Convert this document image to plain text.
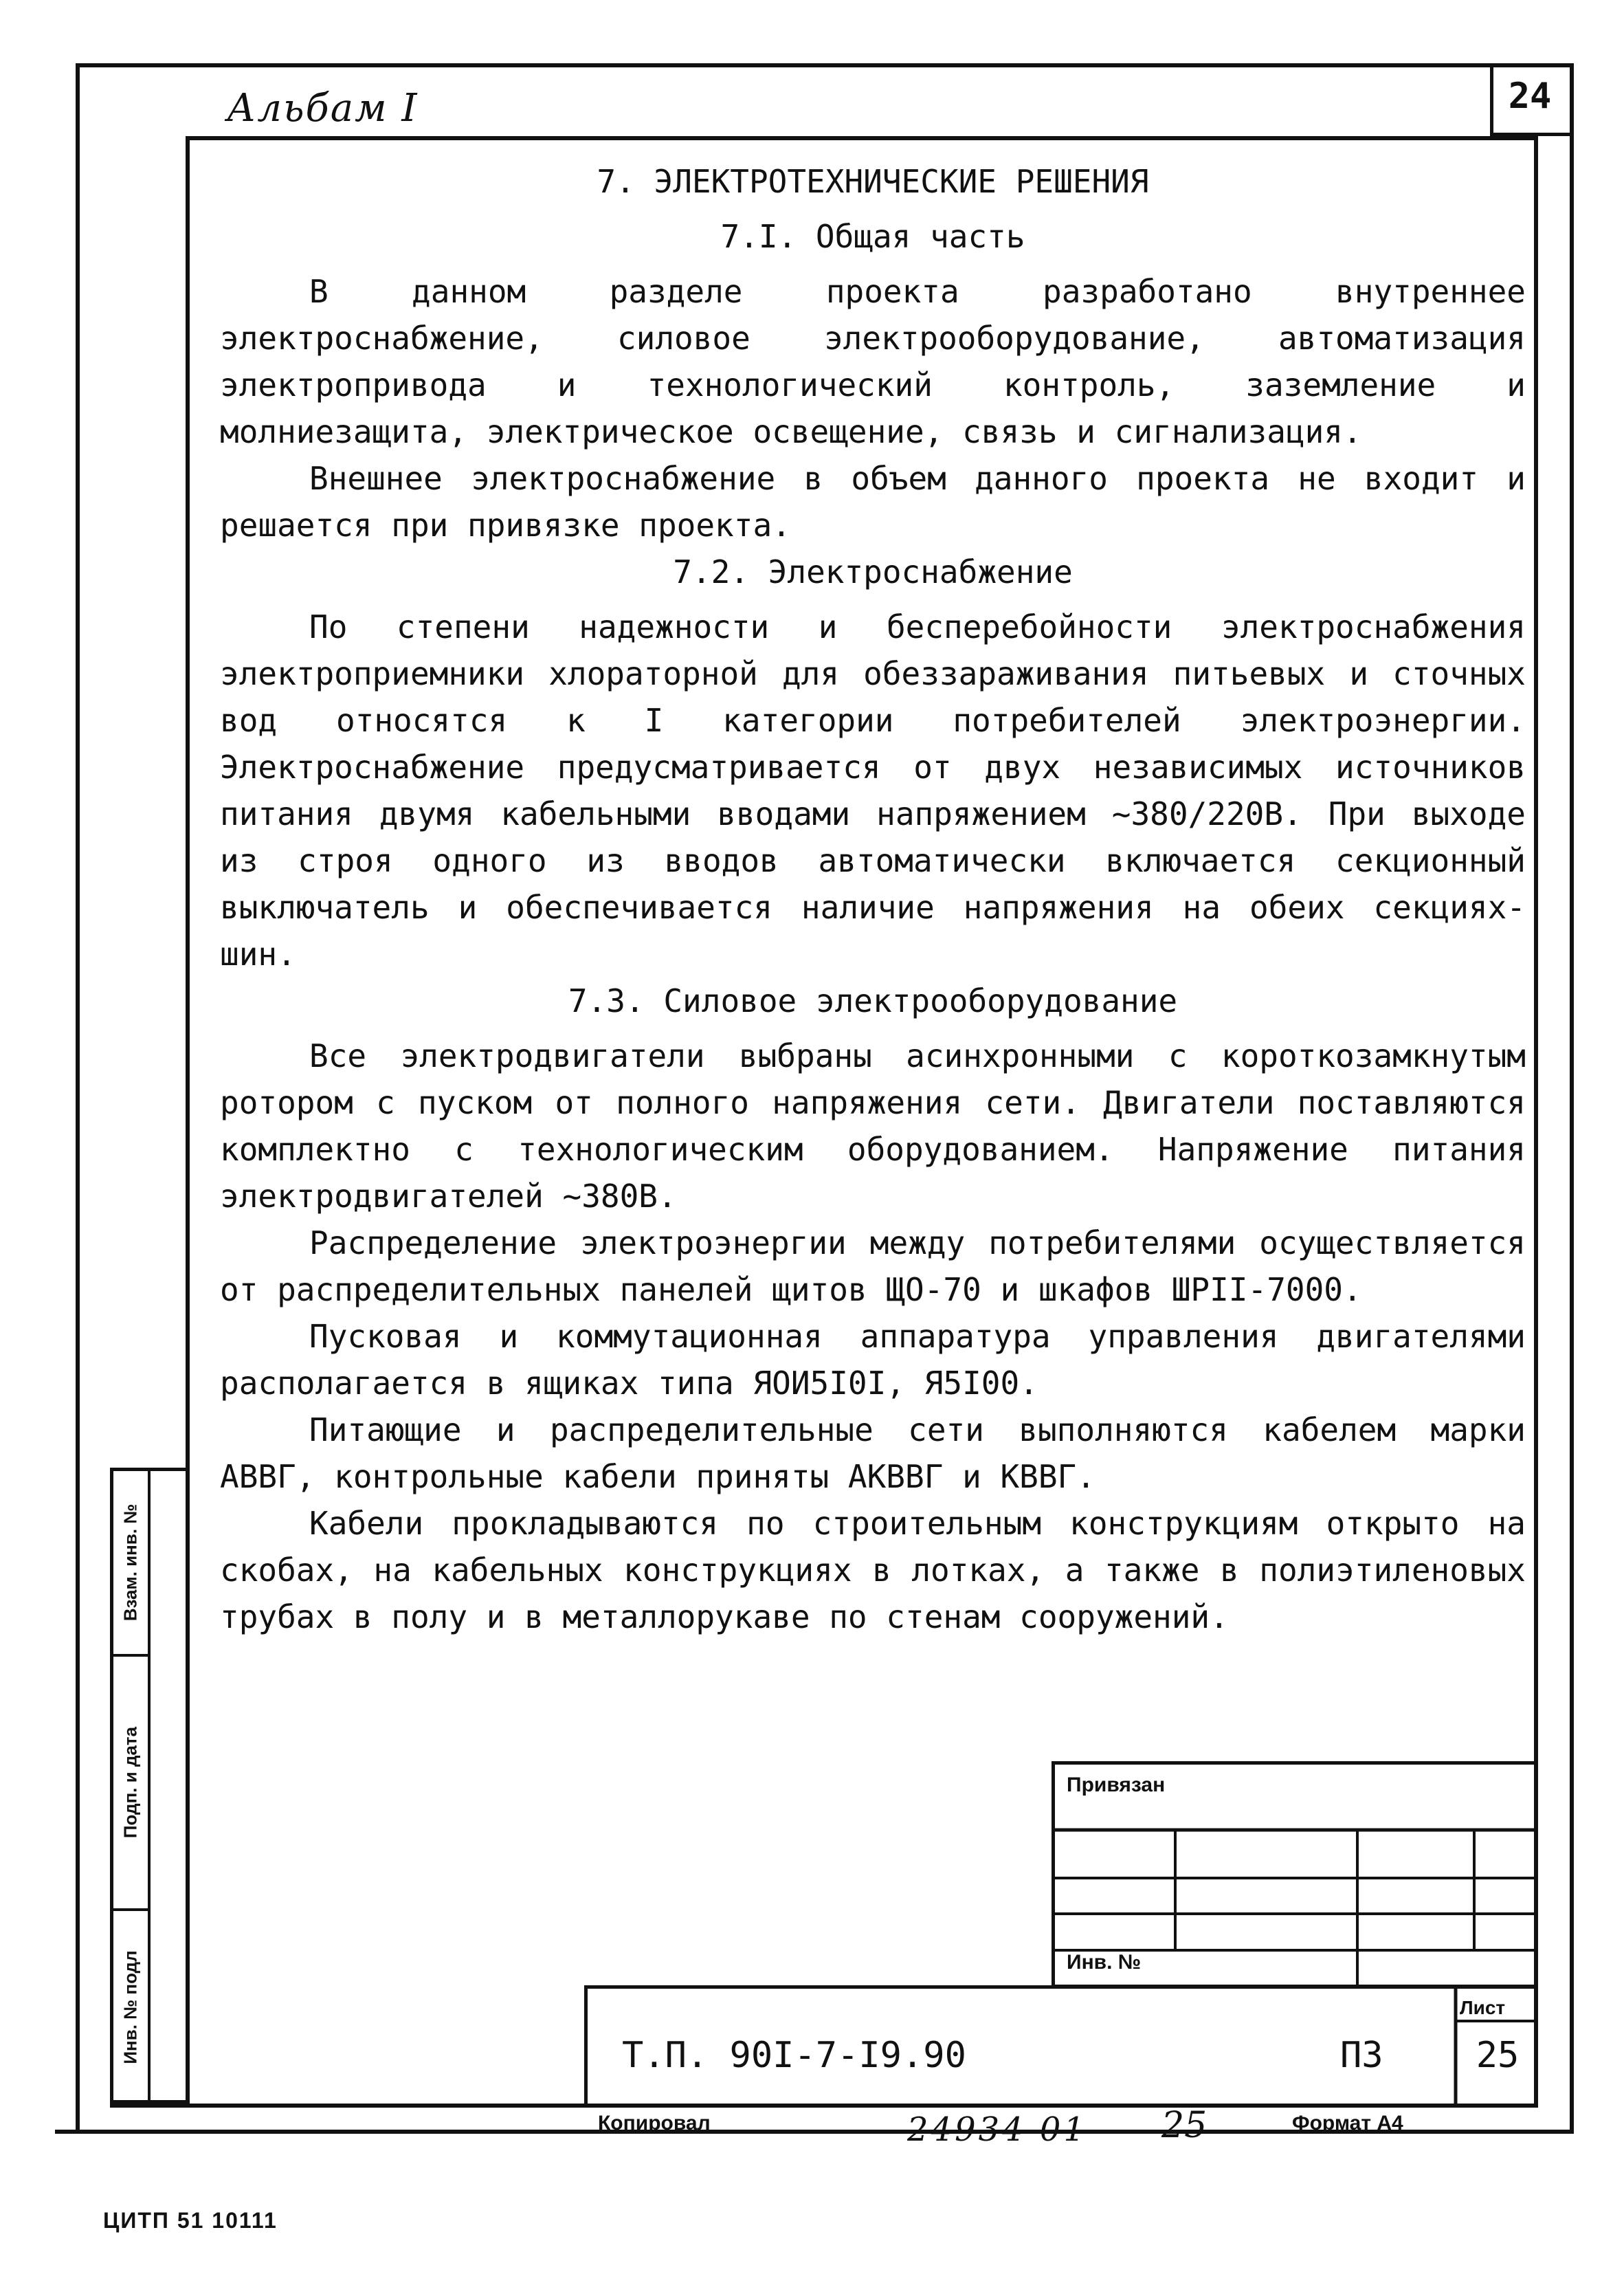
24
Альбам I

7. ЭЛЕКТРОТЕХНИЧЕСКИЕ РЕШЕНИЯ

7.I. Общая часть

В данном разделе проекта разработано внутреннее электроснабжение, силовое электрооборудование, автоматизация электропривода и технологический контроль, заземление и молниезащита, электрическое освещение, связь и сигнализация.

Внешнее электроснабжение в объем данного проекта не входит и решается при привязке проекта.

7.2. Электроснабжение

По степени надежности и бесперебойности электроснабжения электроприемники хлораторной для обеззараживания питьевых и сточных вод относятся к I категории потребителей электроэнергии. Электроснабжение предусматривается от двух независимых источников питания двумя кабельными вводами напряжением ~380/220В. При выходе из строя одного из вводов автоматически включается секционный выключатель и обеспечивается наличие напряжения на обеих секциях-шин.

7.3. Силовое электрооборудование

Все электродвигатели выбраны асинхронными с короткозамкнутым ротором с пуском от полного напряжения сети. Двигатели поставляются комплектно с технологическим оборудованием. Напряжение питания электродвигателей ~380В.

Распределение электроэнергии между потребителями осуществляется от распределительных панелей щитов ЩО-70 и шкафов ШРII-7000.

Пусковая и коммутационная аппаратура управления двигателями располагается в ящиках типа ЯОИ5I0I, Я5I00.

Питающие и распределительные сети выполняются кабелем марки АВВГ, контрольные кабели приняты АКВВГ и КВВГ.

Кабели прокладываются по строительным конструкциям открыто на скобах, на кабельных конструкциях в лотках, а также в полиэтиленовых трубах в полу и в металлорукаве по стенам сооружений.

Взам. инв. №
Подп. и дата
Инв. № подл
Привязан
Инв. №
Т.П. 90I-7-I9.90	ПЗ
Лист
25
Копировал	24934-01 25	Формат А4
ЦИТП 51 10111
